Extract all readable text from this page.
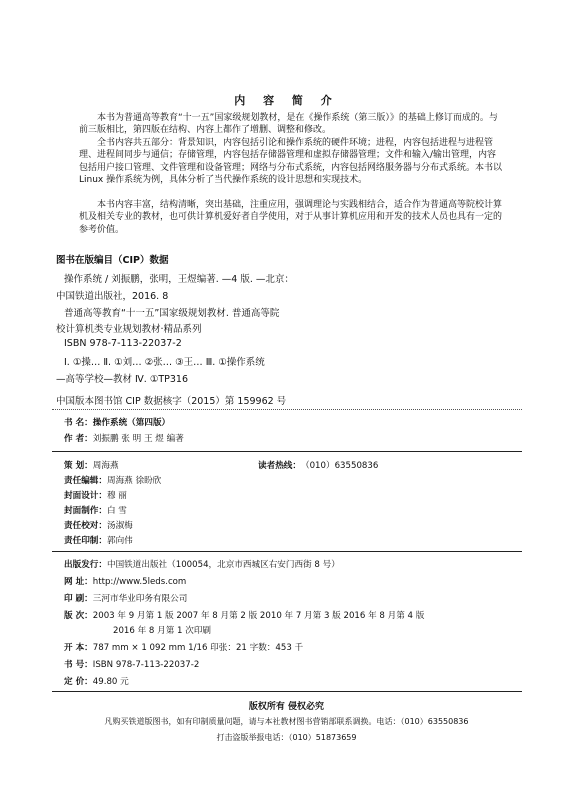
内 容 简 介
本书为普通高等教育“十一五”国家级规划教材，是在《操作系统（第三版）》的基础上修订而成的。与前三版相比，第四版在结构、内容上都作了增删、调整和修改。
全书内容共五部分：背景知识，内容包括引论和操作系统的硬件环境；进程，内容包括进程与进程管理、进程间同步与通信；存储管理，内容包括存储器管理和虚拟存储器管理；文件和输入/输出管理，内容包括用户接口管理、文件管理和设备管理；网络与分布式系统，内容包括网络服务器与分布式系统。本书以 Linux 操作系统为例，具体分析了当代操作系统的设计思想和实现技术。
本书内容丰富，结构清晰，突出基础，注重应用，强调理论与实践相结合，适合作为普通高等院校计算机及相关专业的教材，也可供计算机爱好者自学使用，对于从事计算机应用和开发的技术人员也具有一定的参考价值。
图书在版编目（CIP）数据
操作系统 / 刘振鹏，张明，王煜编著. —4 版. —北京：
中国铁道出版社，2016. 8
普通高等教育“十一五”国家级规划教材. 普通高等院
校计算机类专业规划教材·精品系列
ISBN 978-7-113-22037-2
Ⅰ. ①操… Ⅱ. ①刘… ②张… ③王… Ⅲ. ①操作系统
—高等学校—教材 Ⅳ. ①TP316
中国版本图书馆 CIP 数据核字（2015）第 159962 号
书 名：操作系统（第四版）
作 者：刘振鹏 张 明 王 煜 编著
策 划：周海燕	读者热线：（010）63550836
责任编辑：周海燕 徐盼欣
封面设计：穆 丽
封面制作：白 雪
责任校对：汤淑梅
责任印制：郭向伟
出版发行：中国铁道出版社（100054，北京市西城区右安门西街 8 号）
网 址：http://www.5leds.com
印 刷：三河市华业印务有限公司
版 次：2003 年 9 月第 1 版 2007 年 8 月第 2 版 2010 年 7 月第 3 版 2016 年 8 月第 4 版
2016 年 8 月第 1 次印刷
开 本：787 mm × 1 092 mm 1/16 印张：21 字数：453 千
书 号：ISBN 978-7-113-22037-2
定 价：49.80 元
版权所有 侵权必究
凡购买铁道版图书，如有印制质量问题，请与本社教材图书营销部联系调换。电话：（010）63550836
打击盗版举报电话：（010）51873659
